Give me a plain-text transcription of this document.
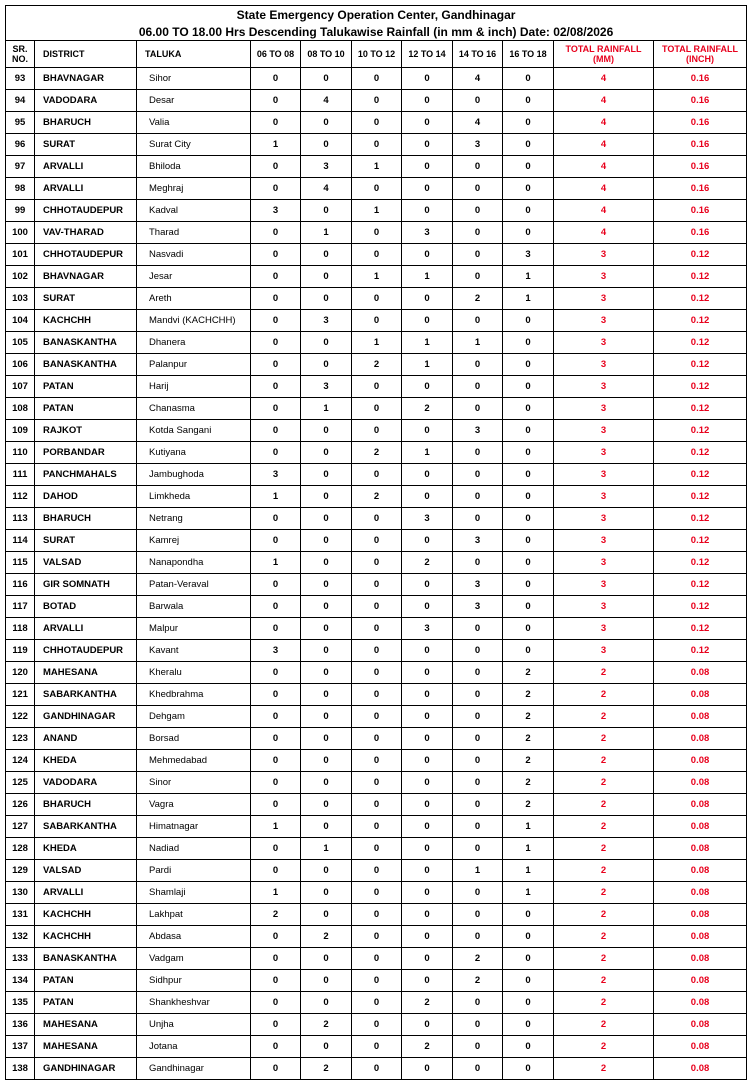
State Emergency Operation Center, Gandhinagar										
06.00 TO 18.00 Hrs Descending Talukawise Rainfall (in mm & inch) Date: 02/08/2026										
SR.
NO.	DISTRICT	TALUKA	06 TO 08	08 TO 10	10 TO 12	12 TO 14	14 TO 16	16 TO 18	TOTAL RAINFALL
(MM)	TOTAL RAINFALL
(INCH)
93	BHAVNAGAR	Sihor	0	0	0	0	4	0	4	0.16
94	VADODARA	Desar	0	4	0	0	0	0	4	0.16
95	BHARUCH	Valia	0	0	0	0	4	0	4	0.16
96	SURAT	Surat City	1	0	0	0	3	0	4	0.16
97	ARVALLI	Bhiloda	0	3	1	0	0	0	4	0.16
98	ARVALLI	Meghraj	0	4	0	0	0	0	4	0.16
99	CHHOTAUDEPUR	Kadval	3	0	1	0	0	0	4	0.16
100	VAV-THARAD	Tharad	0	1	0	3	0	0	4	0.16
101	CHHOTAUDEPUR	Nasvadi	0	0	0	0	0	3	3	0.12
102	BHAVNAGAR	Jesar	0	0	1	1	0	1	3	0.12
103	SURAT	Areth	0	0	0	0	2	1	3	0.12
104	KACHCHH	Mandvi (KACHCHH)	0	3	0	0	0	0	3	0.12
105	BANASKANTHA	Dhanera	0	0	1	1	1	0	3	0.12
106	BANASKANTHA	Palanpur	0	0	2	1	0	0	3	0.12
107	PATAN	Harij	0	3	0	0	0	0	3	0.12
108	PATAN	Chanasma	0	1	0	2	0	0	3	0.12
109	RAJKOT	Kotda Sangani	0	0	0	0	3	0	3	0.12
110	PORBANDAR	Kutiyana	0	0	2	1	0	0	3	0.12
111	PANCHMAHALS	Jambughoda	3	0	0	0	0	0	3	0.12
112	DAHOD	Limkheda	1	0	2	0	0	0	3	0.12
113	BHARUCH	Netrang	0	0	0	3	0	0	3	0.12
114	SURAT	Kamrej	0	0	0	0	3	0	3	0.12
115	VALSAD	Nanapondha	1	0	0	2	0	0	3	0.12
116	GIR SOMNATH	Patan-Veraval	0	0	0	0	3	0	3	0.12
117	BOTAD	Barwala	0	0	0	0	3	0	3	0.12
118	ARVALLI	Malpur	0	0	0	3	0	0	3	0.12
119	CHHOTAUDEPUR	Kavant	3	0	0	0	0	0	3	0.12
120	MAHESANA	Kheralu	0	0	0	0	0	2	2	0.08
121	SABARKANTHA	Khedbrahma	0	0	0	0	0	2	2	0.08
122	GANDHINAGAR	Dehgam	0	0	0	0	0	2	2	0.08
123	ANAND	Borsad	0	0	0	0	0	2	2	0.08
124	KHEDA	Mehmedabad	0	0	0	0	0	2	2	0.08
125	VADODARA	Sinor	0	0	0	0	0	2	2	0.08
126	BHARUCH	Vagra	0	0	0	0	0	2	2	0.08
127	SABARKANTHA	Himatnagar	1	0	0	0	0	1	2	0.08
128	KHEDA	Nadiad	0	1	0	0	0	1	2	0.08
129	VALSAD	Pardi	0	0	0	0	1	1	2	0.08
130	ARVALLI	Shamlaji	1	0	0	0	0	1	2	0.08
131	KACHCHH	Lakhpat	2	0	0	0	0	0	2	0.08
132	KACHCHH	Abdasa	0	2	0	0	0	0	2	0.08
133	BANASKANTHA	Vadgam	0	0	0	0	2	0	2	0.08
134	PATAN	Sidhpur	0	0	0	0	2	0	2	0.08
135	PATAN	Shankheshvar	0	0	0	2	0	0	2	0.08
136	MAHESANA	Unjha	0	2	0	0	0	0	2	0.08
137	MAHESANA	Jotana	0	0	0	2	0	0	2	0.08
138	GANDHINAGAR	Gandhinagar	0	2	0	0	0	0	2	0.08
